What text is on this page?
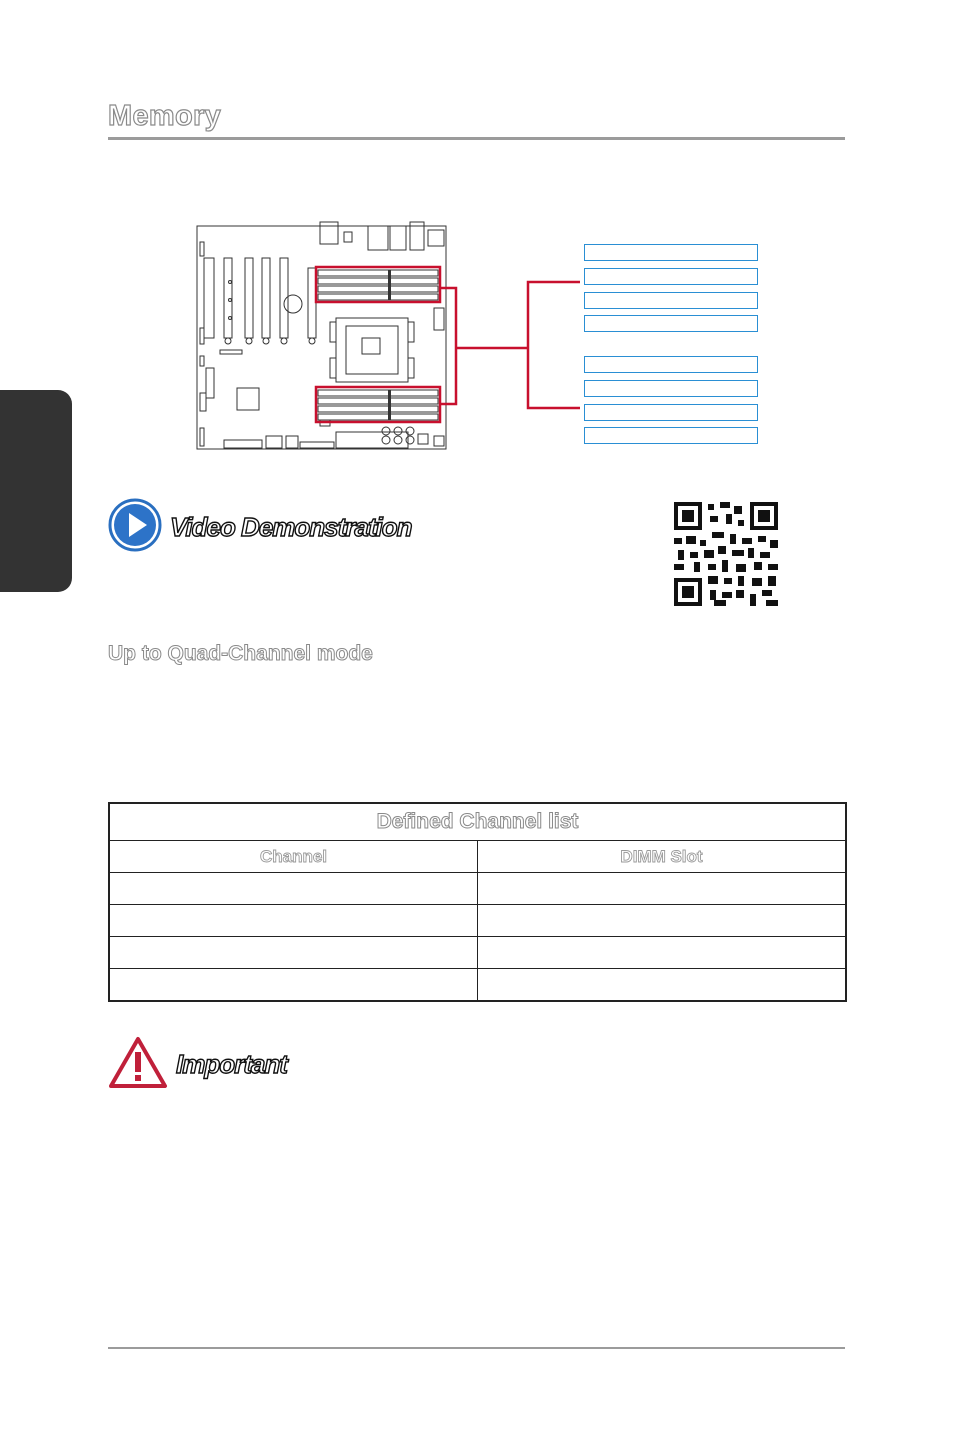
Memory
Video Demonstration
Up to Quad-Channel mode
Defined Channel list	
Channel	DIMM Slot

Important
